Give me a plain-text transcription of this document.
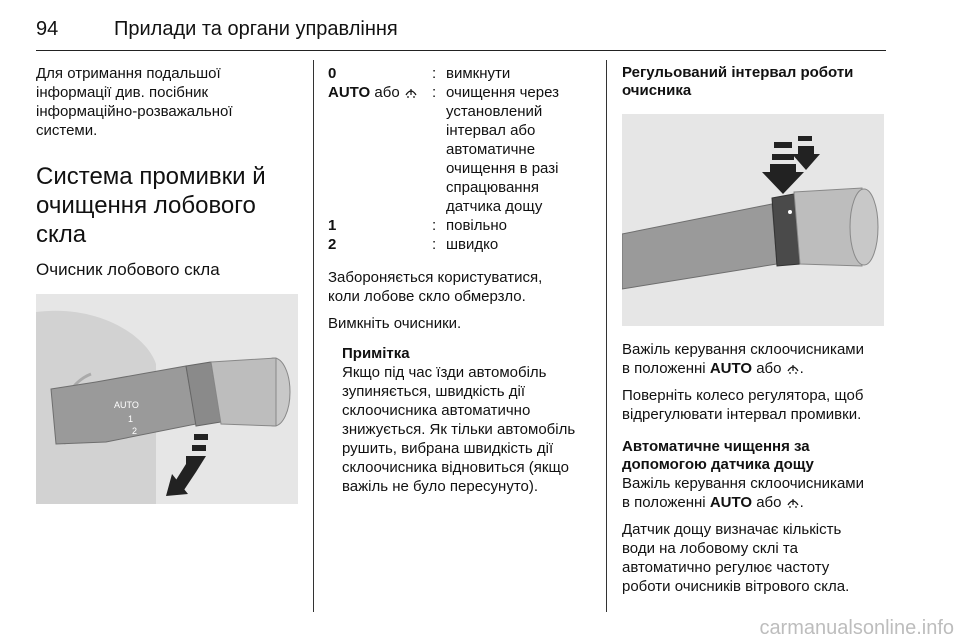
94	Прилади та органи управління

Для отримання подальшої

інформації див. посібник

інформаційно-розважальної

системи.

Система промивки й
очищення лобового скла
Очисник лобового скла
AUTO
1
2
0	: вимкнути
AUTO або	: очищення через
установлений
інтервал або
автоматичне
очищення в разі
спрацювання
датчика дощу
1	: повільно
2	: швидко

Забороняється користуватися,

коли лобове скло обмерзло.

Вимкніть очисники.

Примітка

Якщо під час їзди автомобіль

зупиняється, швидкість дії

склоочисника автоматично

знижується. Як тільки автомобіль

рушить, вибрана швидкість дії

склоочисника відновиться (якщо

важіль не було пересунуто).

Регульований інтервал роботи
очисника

Важіль керування склоочисниками

в положенні AUTO або .

Поверніть колесо регулятора, щоб

відрегулювати інтервал промивки.

Автоматичне чищення за
допомогою датчика дощу

Важіль керування склоочисниками

в положенні AUTO або .

Датчик дощу визначає кількість

води на лобовому склі та

автоматично регулює частоту

роботи очисників вітрового скла.

carmanualsonline.info
